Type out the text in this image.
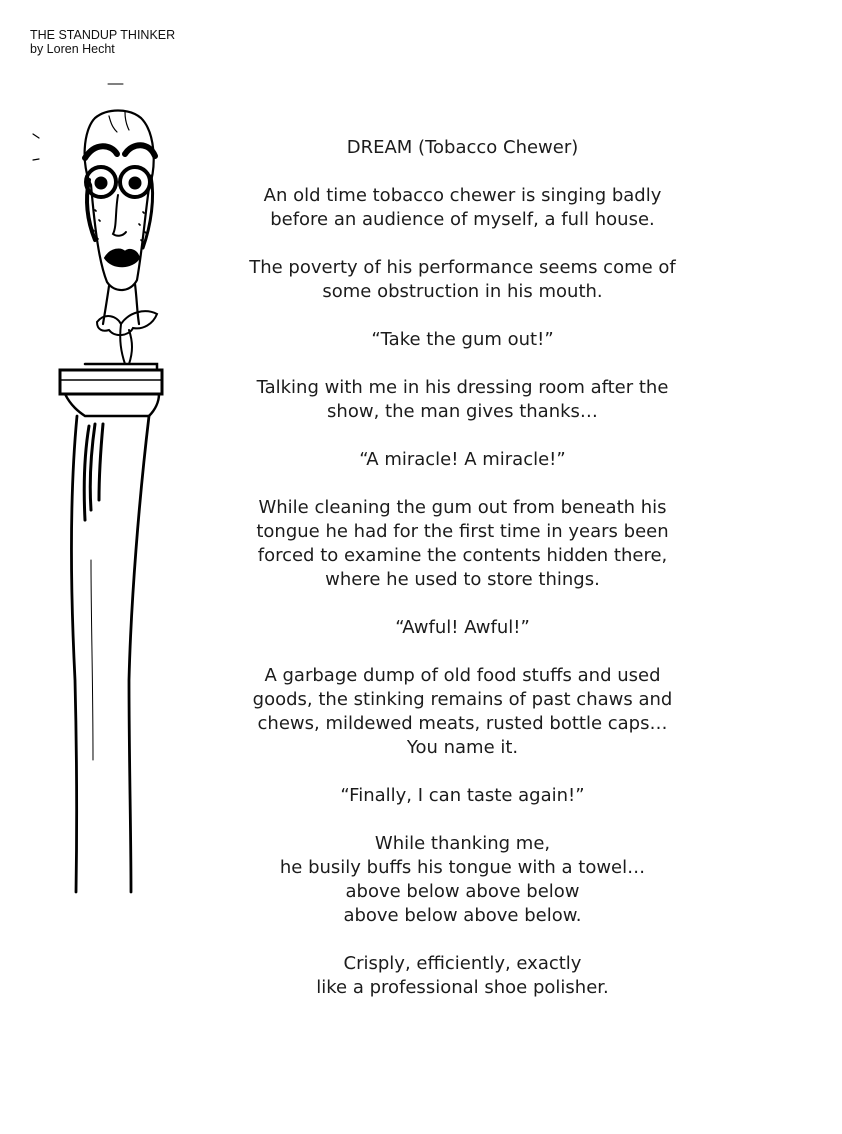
THE STANDUP THINKER
by Loren Hecht
DREAM (Tobacco Chewer)
An old time tobacco chewer is singing badly
before an audience of myself, a full house.
The poverty of his performance seems come of
some obstruction in his mouth.
“Take the gum out!”
Talking with me in his dressing room after the
show, the man gives thanks…
“A miracle! A miracle!”
While cleaning the gum out from beneath his
tongue he had for the first time in years been
forced to examine the contents hidden there,
where he used to store things.
“Awful! Awful!”
A garbage dump of old food stuffs and used
goods, the stinking remains of past chaws and
chews, mildewed meats, rusted bottle caps…
You name it.
“Finally, I can taste again!”
While thanking me,
he busily buffs his tongue with a towel…
above below above below
above below above below.
Crisply, efficiently, exactly
like a professional shoe polisher.
